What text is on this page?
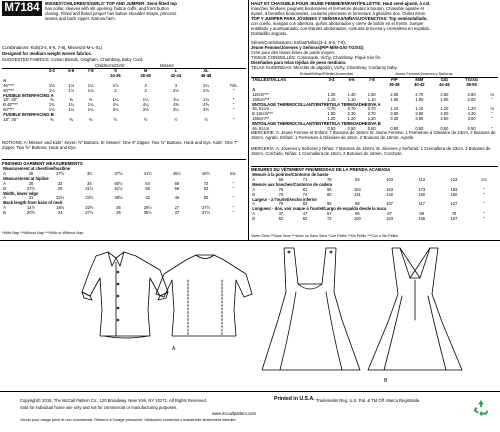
M7184	MISSES'/CHILDREN'S/GIRLS' TOP AND JUMPER: Semi-fitted top
has collar, sleeves with slit opening, button cuffs, and front button
closing. Fitted and flared jumper has button shoulder straps, princess
seams and back zipper. Narrow hem.
HAUT ET CHASUBLE POUR JEUNE FEMME/ENFANT/FILLETTE: Haut semi-ajusté, à col,
manches fendues, poignets boutonnées et fermeture devant à bouton. Chasuble ajustée et
évasé, à bretelles boutonnées, coutures princesse et fermeture à glissière dos. Ourlet étroit.
TOP Y JUMPER PARA JÓVENES Y SEÑORAS/NIÑAS/JOVENCITAS: Top semientallado,
con cuello, mangas con abertura, puños abotonados y cierre de botón en el frente. Jumper
entallado y acampanado, con tirantes abotonados, costuras princesa y cremallera en espalda.
Dobladillo angosto.
Combinations: Kids(3-4, 5-6, 7-8), Misses(S-M-L-XL)
Designed for medium weight woven fabrics.
SUGGESTED FABRICS: Cotton Blends, Gingham, Chambray, Baby Cord.
Children's/Girls'	Misses'
	3-4	5-6	7-8	S	M	L	XL	
				34-36	38-40	42-44	46-48	
A								
45"***	1⅛	1⅛	1⅛	2⅞	3	3	3¼	Yds.
60"***	1⅛	1⅛	1⅛	2	2	2⅛	2⅛	"
FUSIBLE INTERFACING A								
18", 20"	⅜	⅜	⅜	1¼	1¼	1¼	1¼	"
B 45"***	1¾	1¾	1¾	4⅛	4¼	4⅜	4⅝	"
60"***	1⅛	1¼	1¼	3⅛	3⅛	3¼	3½	"
FUSIBLE INTERFACING B								
18", 20"	⅜	⅜	⅜	½	½	½	½	"
NOTIONS: A: Misses' and Kids': Seven ⅝" Buttons. B: Misses': One 9" Zipper, Two ⅝" Buttons, Hook and Eye. Kids': One 7" Zipper, Two ⅝" Buttons, Hook and Eye.
FINISHED GARMENT MEASUREMENTS
Measurement at chestline/bustline								
A	26	27½	30	37½	41½	45½	49½	Ins.
Measurement at hipline								
A	30	32	34	60½	64	68	72	"
B	27½	29	31½	51½	55	59	63	"
Width, lower edge								
A	31	32½	33½	38½	42	46	50	"
Back length from base of neck								
A	14½	18½	22½	26	26½	27	27½	"
B	20½	24	27½	36	36½	37	37½	"
*With Nap **Without Nap ***With or Without Nap
Séries/Combinaisons: Enfant/Niñas(3-4, 5-6, 7-8),
Jeune Femme/Jóvenes y Señoras(P/P-M/M-G/G-TG/XG)
Créé pour des tissus lisses de poids moyen.
TISSUS CONSEILLÉS: Cotonnade, Vichy, Chambray, Piqué très fin.
Diseñados para telas tejidas de peso mediano.
TELAS SUGERIDAS: Mezclas de algodón, Vichy, Chambray, Corduroy baby.
Enfant/Niñas/Fillette/Jovencitas	Jeune Femme/Jóvenes y Señoras
TAILLES/TALLAS	3-4	5-6	7-8	P/P	M/M	G/G	TG/XG	
				36-38	40-42	44-46	48-50	
A								
115cm***	1.30	1.40	1.50	2.65	2.70	2.80	2.90	m
150cm***	1.10	1.10	1.10	1.90	1.90	1.90	2.00	"
ENTOILAGE THERMOCOLLANT/ENTRETELA TERMOADHESIVA A								
46, 51cm	0.70	0.70	0.70	1.10	1.10	1.20	1.20	m
B 115cm***	1.80	2.30	2.70	3.80	3.90	4.00	4.30	"
150cm***	1.20	1.20	1.20	3.30	3.60	3.60	3.60	"
ENTOILAGE THERMOCOLLANT/ENTRETELA TERMOADHESIVA B								
46, 51cm	0.50	0.50	0.50	0.50	0.50	0.50	0.50	"
MERCERIE: A: Jeune Femme et Enfant: 7 Boutons de 16mm. B: Jeune Femme: 1 Fermeture à Glissière de 23cm, 2 Boutons de 16mm, Agrafe. Enfant: 1 Fermeture à Glissière de 18cm, 2 Boutons de 16mm, Agrafe.
MERCERÍA: A: Jóvenes y Señoras y Niñas: 7 Botones de 16mm. B: Jóvenes y Señoras: 1 Cremallera de 23cm, 2 Botones de 16mm, Corchete. Niñas: 1 Cremallera de 18cm, 2 Botones de 16mm, Corchete.
MESURES DU VÊTEMENT FINI/MEDIDAS DE LA PRENDA ACABADA
Mesure à la poitrine/Contorno de busto								
A	66	71	76	94	103	113	123	cm
Mesure aux hanches/Contorno de cadera								
A	76	81	86	154	163	173	183	"
B	70	74	80	131	140	150	160	"
Largeur - à l'ourlet/Ancho inferior								
A	79	83	85	98	107	117	127	"
Longueur - dos, voir nuque à l'ourlet/Largo de espalda desde la nuca								
A	37	47	57	66	67	69	70	"
B	52	62	72	100	103	105	107	"
*Avec Sens **Sans Sens ***Avec ou Sans Sens *Con Pelillo **Sin Pelillo ***Con o Sin Pelillo
A
B
Copyright© 2015, The McCall Pattern Co., 120 Broadway, New York, NY 10271. All Rights Reserved.	Printed in U.S.A. Trademarks Reg. U.S. Pat. & TM Off. Marca Registrada
Sold for individual home use only and not for commercial or manufacturing purposes.
www.mccallpattern.com
Vendu pour usage privé et non commercial. Réservé à l'usage personnel. Utilisación comercial o industrielle strictement interdite
